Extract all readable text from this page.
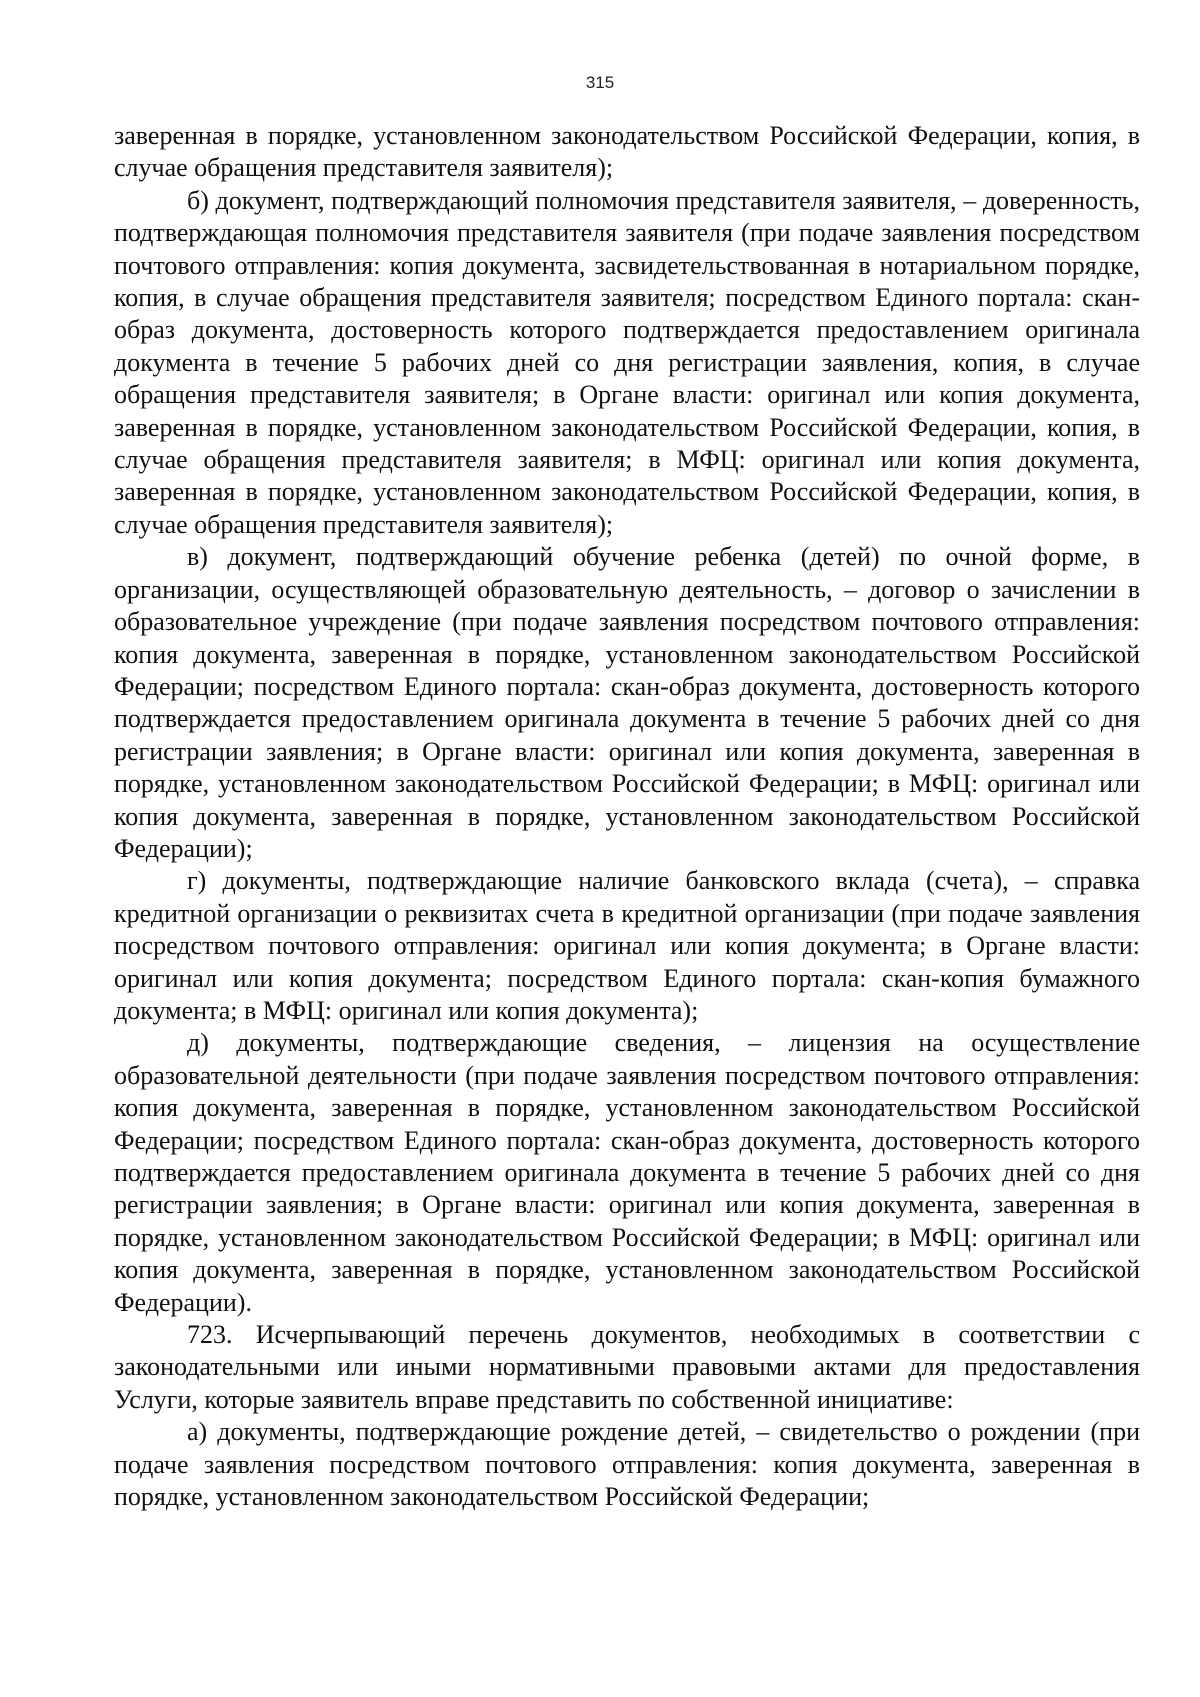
315

заверенная в порядке, установленном законодательством Российской Федерации, копия, в случае обращения представителя заявителя);

б) документ, подтверждающий полномочия представителя заявителя, – доверенность, подтверждающая полномочия представителя заявителя (при подаче заявления посредством почтового отправления: копия документа, засвидетельствованная в нотариальном порядке, копия, в случае обращения представителя заявителя; посредством Единого портала: скан-образ документа, достоверность которого подтверждается предоставлением оригинала документа в течение 5 рабочих дней со дня регистрации заявления, копия, в случае обращения представителя заявителя; в Органе власти: оригинал или копия документа, заверенная в порядке, установленном законодательством Российской Федерации, копия, в случае обращения представителя заявителя; в МФЦ: оригинал или копия документа, заверенная в порядке, установленном законодательством Российской Федерации, копия, в случае обращения представителя заявителя);

в) документ, подтверждающий обучение ребенка (детей) по очной форме, в организации, осуществляющей образовательную деятельность, – договор о зачислении в образовательное учреждение (при подаче заявления посредством почтового отправления: копия документа, заверенная в порядке, установленном законодательством Российской Федерации; посредством Единого портала: скан-образ документа, достоверность которого подтверждается предоставлением оригинала документа в течение 5 рабочих дней со дня регистрации заявления; в Органе власти: оригинал или копия документа, заверенная в порядке, установленном законодательством Российской Федерации; в МФЦ: оригинал или копия документа, заверенная в порядке, установленном законодательством Российской Федерации);

г) документы, подтверждающие наличие банковского вклада (счета), – справка кредитной организации о реквизитах счета в кредитной организации (при подаче заявления посредством почтового отправления: оригинал или копия документа; в Органе власти: оригинал или копия документа; посредством Единого портала: скан-копия бумажного документа; в МФЦ: оригинал или копия документа);

д) документы, подтверждающие сведения, – лицензия на осуществление образовательной деятельности (при подаче заявления посредством почтового отправления: копия документа, заверенная в порядке, установленном законодательством Российской Федерации; посредством Единого портала: скан-образ документа, достоверность которого подтверждается предоставлением оригинала документа в течение 5 рабочих дней со дня регистрации заявления; в Органе власти: оригинал или копия документа, заверенная в порядке, установленном законодательством Российской Федерации; в МФЦ: оригинал или копия документа, заверенная в порядке, установленном законодательством Российской Федерации).

723. Исчерпывающий перечень документов, необходимых в соответствии с законодательными или иными нормативными правовыми актами для предоставления Услуги, которые заявитель вправе представить по собственной инициативе:

а) документы, подтверждающие рождение детей, – свидетельство о рождении (при подаче заявления посредством почтового отправления: копия документа, заверенная в порядке, установленном законодательством Российской Федерации;
